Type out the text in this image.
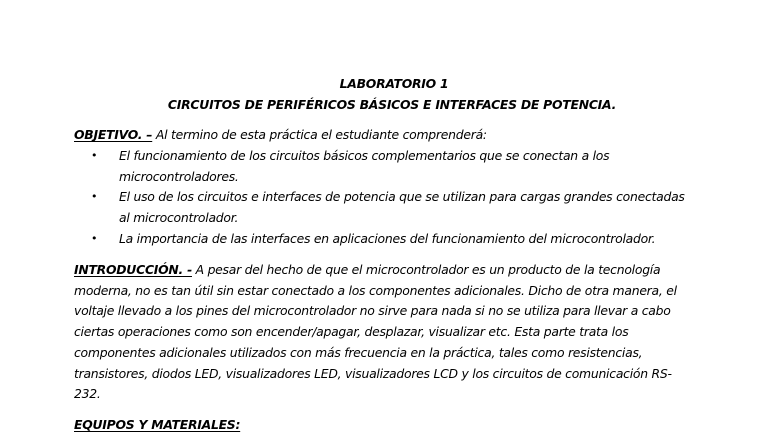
LABORATORIO 1
CIRCUITOS DE PERIFÉRICOS BÁSICOS E INTERFACES DE POTENCIA.
OBJETIVO. – Al termino de esta práctica el estudiante comprenderá:
• El funcionamiento de los circuitos básicos complementarios que se conectan a los
microcontroladores.
• El uso de los circuitos e interfaces de potencia que se utilizan para cargas grandes conectadas
al microcontrolador.
• La importancia de las interfaces en aplicaciones del funcionamiento del microcontrolador.
INTRODUCCIÓN. - A pesar del hecho de que el microcontrolador es un producto de la tecnología
moderna, no es tan útil sin estar conectado a los componentes adicionales. Dicho de otra manera, el
voltaje llevado a los pines del microcontrolador no sirve para nada si no se utiliza para llevar a cabo
ciertas operaciones como son encender/apagar, desplazar, visualizar etc. Esta parte trata los
componentes adicionales utilizados con más frecuencia en la práctica, tales como resistencias,
transistores, diodos LED, visualizadores LED, visualizadores LCD y los circuitos de comunicación RS-
232.
EQUIPOS Y MATERIALES:
